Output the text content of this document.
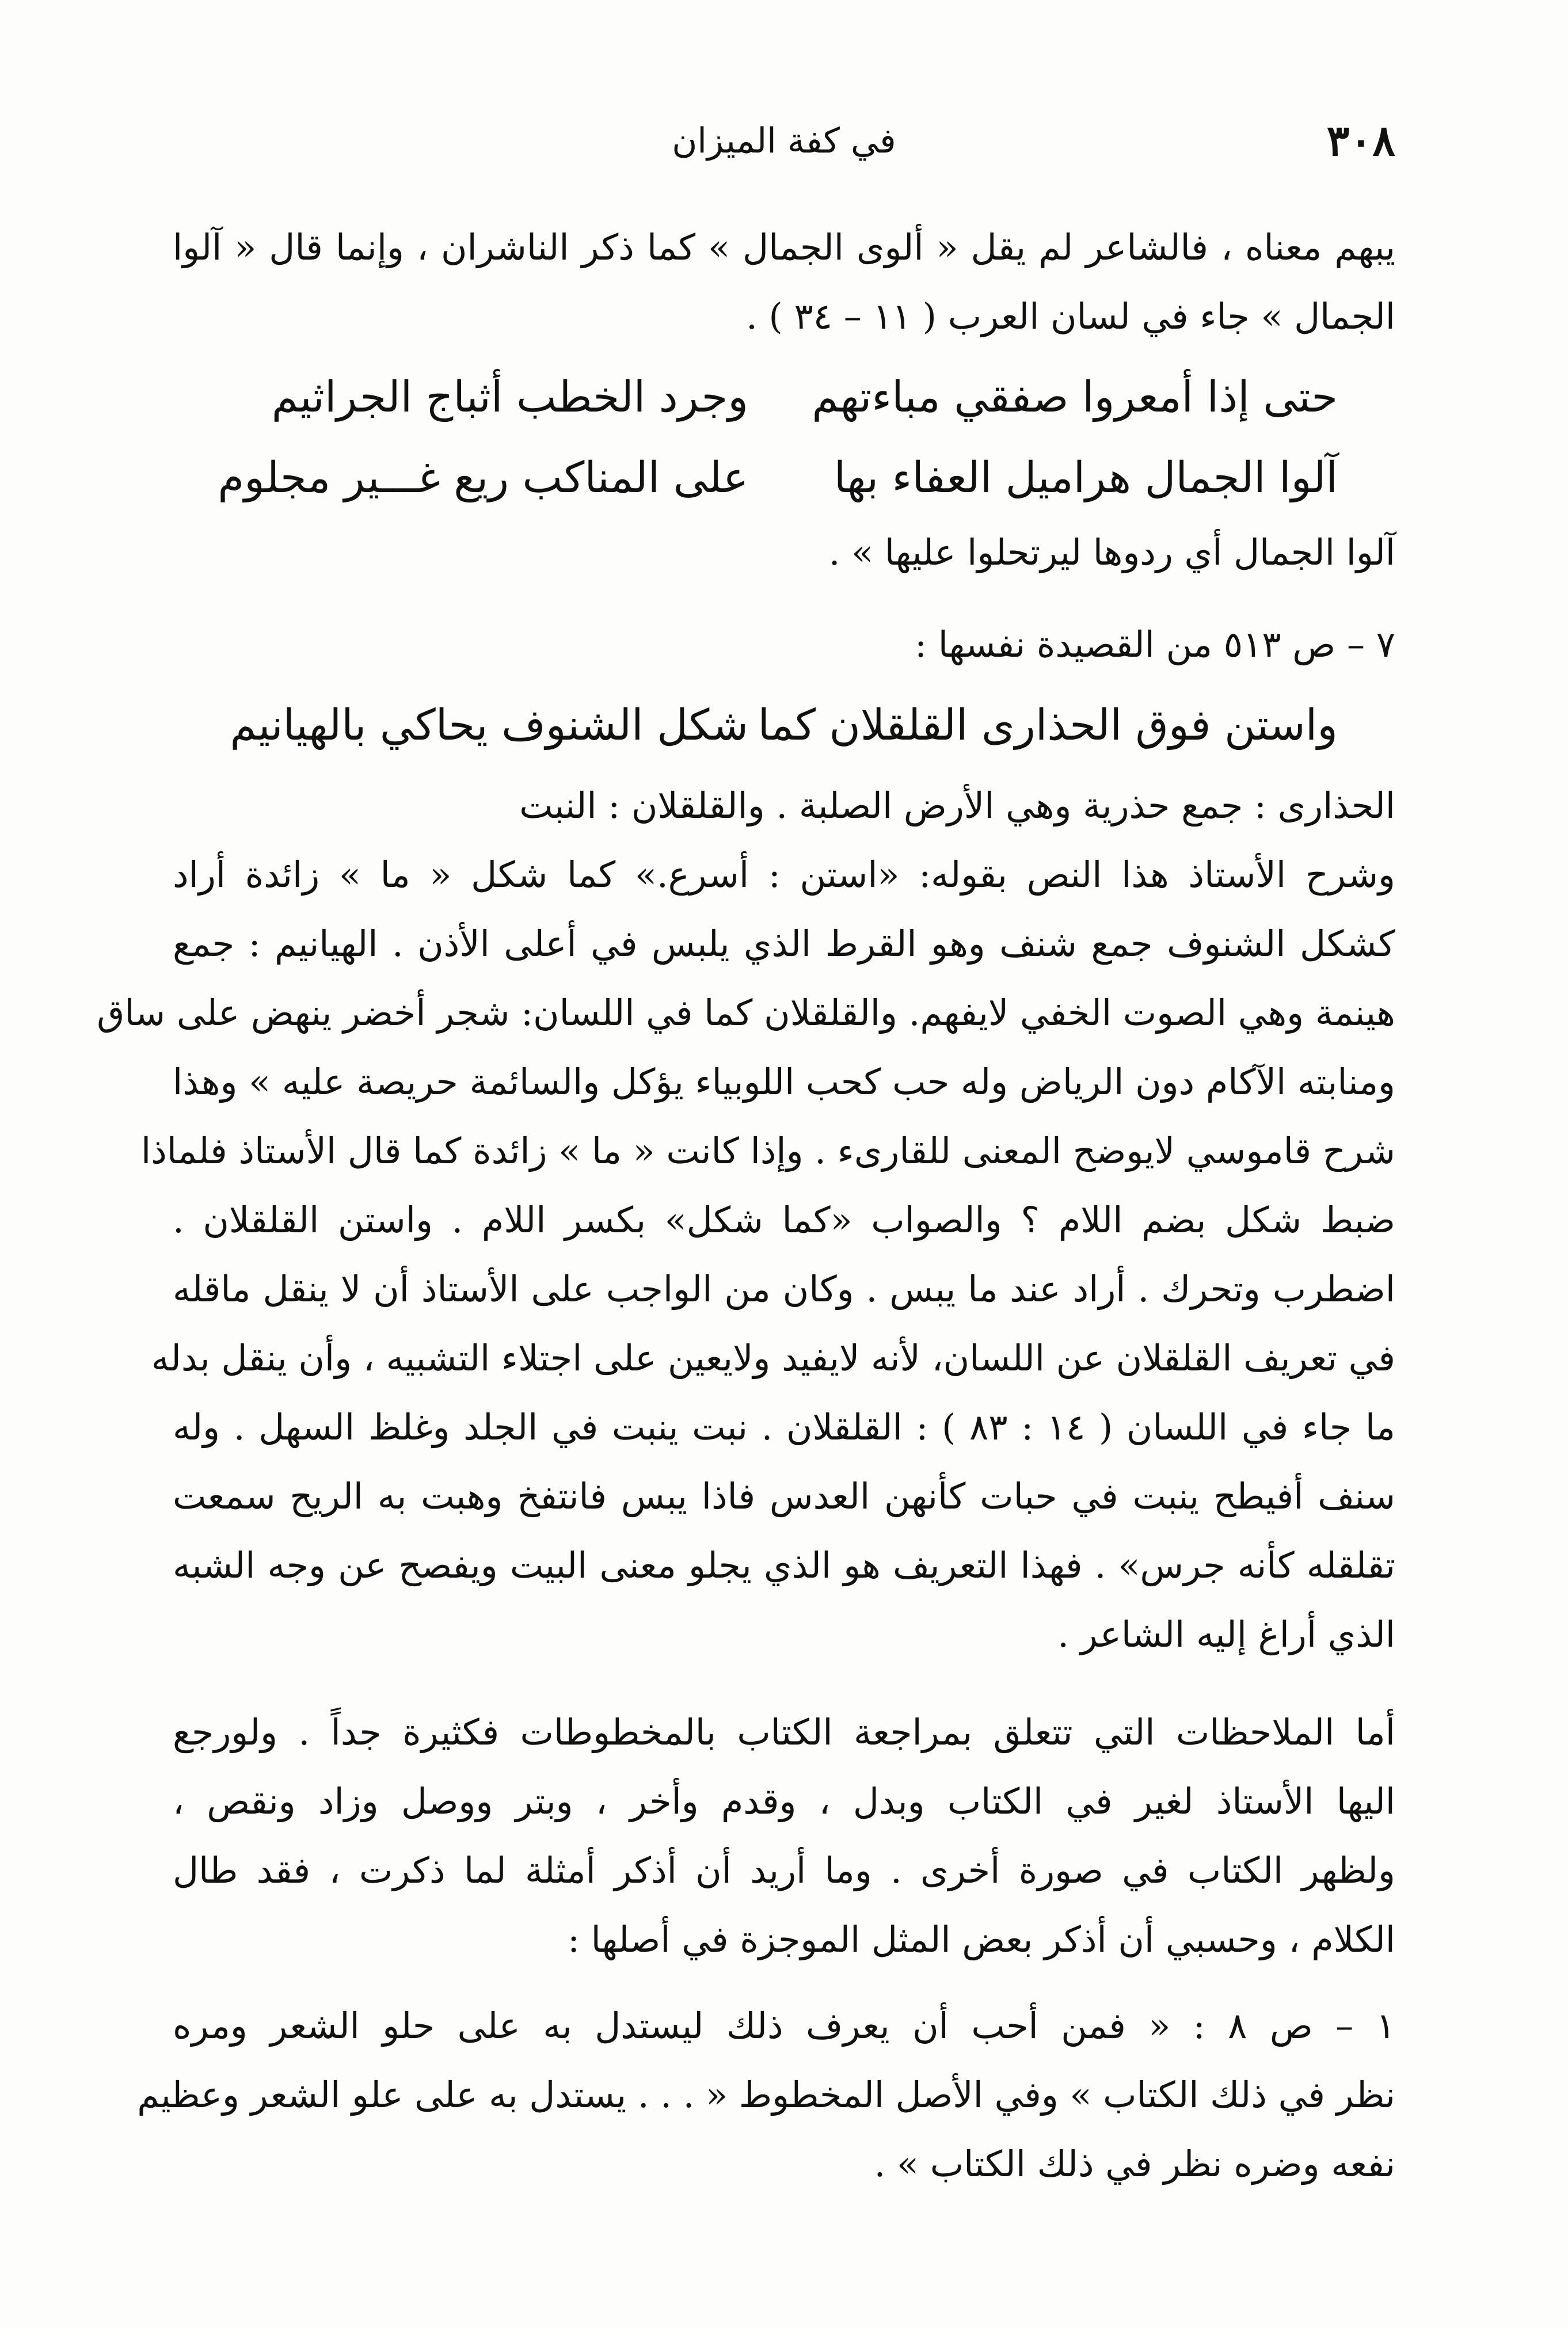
٣٠٨
في كفة الميزان
يبهم معناه ، فالشاعر لم يقل « ألوى الجمال » كما ذكر الناشران ، وإنما قال « آلوا
الجمال » جاء في لسان العرب ( ١١ – ٣٤ ) .
حتى إذا أمعروا صفقي مباءتهم
وجرد الخطب أثباج الجراثيم
آلوا الجمال هراميل العفاء بها
على المناكب ريع غـــير مجلوم
آلوا الجمال أي ردوها ليرتحلوا عليها » .
٧ – ص ٥١٣ من القصيدة نفسها :
واستن فوق الحذارى القلقلان كما
شكل الشنوف يحاكي بالهيانيم
الحذارى : جمع حذرية وهي الأرض الصلبة . والقلقلان : النبت
وشرح الأستاذ هذا النص بقوله: «استن : أسرع.» كما شكل « ما » زائدة أراد
كشكل الشنوف جمع شنف وهو القرط الذي يلبس في أعلى الأذن . الهيانيم : جمع
هينمة وهي الصوت الخفي لايفهم. والقلقلان كما في اللسان: شجر أخضر ينهض على ساق
ومنابته الآكام دون الرياض وله حب كحب اللوبياء يؤكل والسائمة حريصة عليه » وهذا
شرح قاموسي لايوضح المعنى للقارىء . وإذا كانت « ما » زائدة كما قال الأستاذ فلماذا
ضبط شكل بضم اللام ؟ والصواب «كما شكل» بكسر اللام . واستن القلقلان .
اضطرب وتحرك . أراد عند ما يبس . وكان من الواجب على الأستاذ أن لا ينقل ماقله
في تعريف القلقلان عن اللسان، لأنه لايفيد ولايعين على اجتلاء التشبيه ، وأن ينقل بدله
ما جاء في اللسان ( ١٤ : ٨٣ ) : القلقلان . نبت ينبت في الجلد وغلظ السهل . وله
سنف أفيطح ينبت في حبات كأنهن العدس فاذا يبس فانتفخ وهبت به الريح سمعت
تقلقله كأنه جرس» . فهذا التعريف هو الذي يجلو معنى البيت ويفصح عن وجه الشبه
الذي أراغ إليه الشاعر .
أما الملاحظات التي تتعلق بمراجعة الكتاب بالمخطوطات فكثيرة جداً . ولورجع
اليها الأستاذ لغير في الكتاب وبدل ، وقدم وأخر ، وبتر ووصل وزاد ونقص ،
ولظهر الكتاب في صورة أخرى . وما أريد أن أذكر أمثلة لما ذكرت ، فقد طال
الكلام ، وحسبي أن أذكر بعض المثل الموجزة في أصلها :
١ – ص ٨ : « فمن أحب أن يعرف ذلك ليستدل به على حلو الشعر ومره
نظر في ذلك الكتاب » وفي الأصل المخطوط « . . . يستدل به على علو الشعر وعظيم
نفعه وضره نظر في ذلك الكتاب » .
